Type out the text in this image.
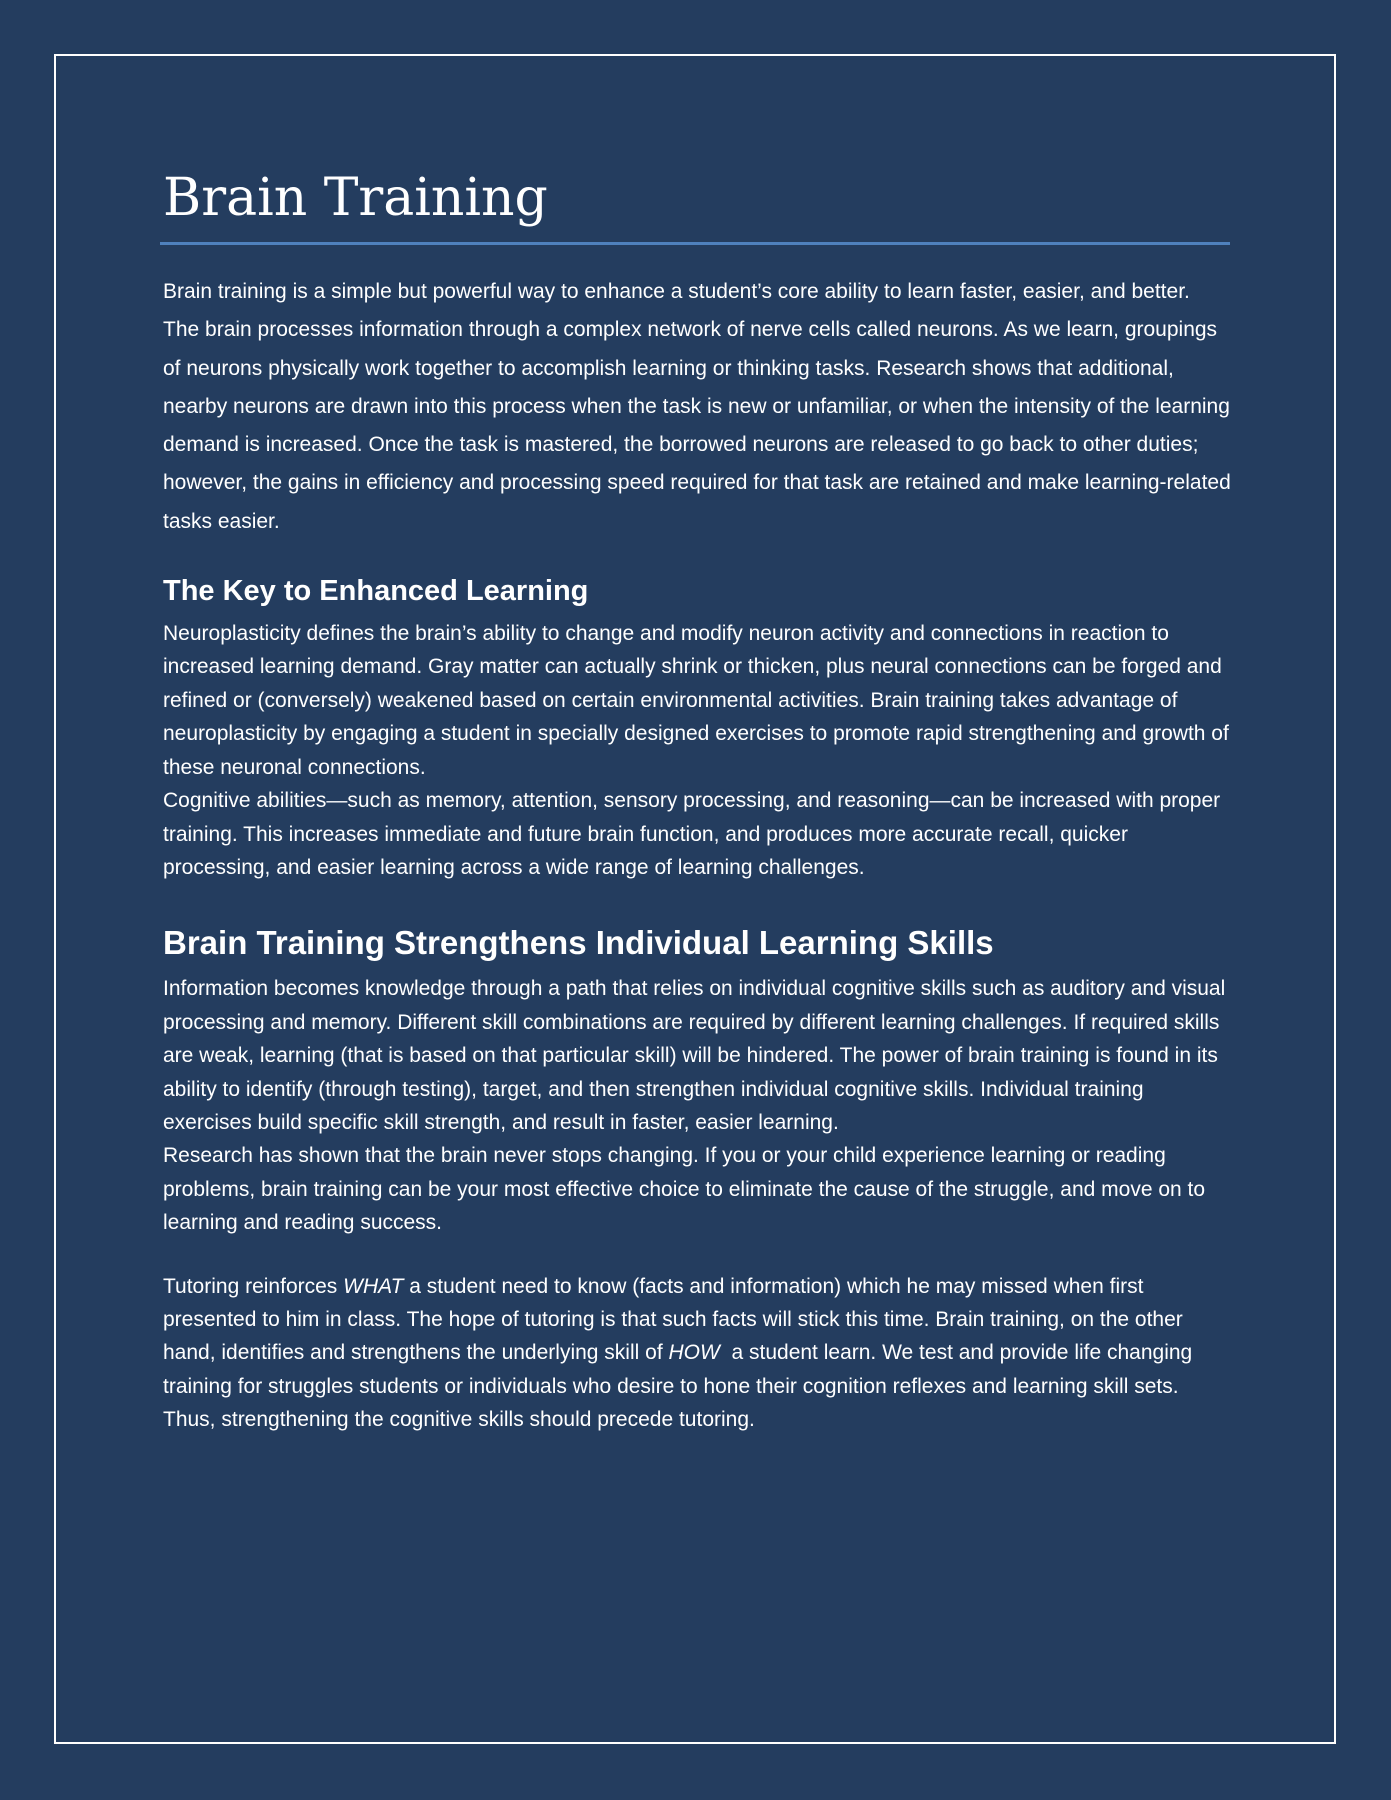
Brain Training

Brain training is a simple but powerful way to enhance a student’s core ability to learn faster, easier, and better. The brain processes information through a complex network of nerve cells called neurons. As we learn, groupings of neurons physically work together to accomplish learning or thinking tasks. Research shows that additional, nearby neurons are drawn into this process when the task is new or unfamiliar, or when the intensity of the learning demand is increased. Once the task is mastered, the borrowed neurons are released to go back to other duties; however, the gains in efficiency and processing speed required for that task are retained and make learning-related tasks easier.

The Key to Enhanced Learning

Neuroplasticity defines the brain’s ability to change and modify neuron activity and connections in reaction to increased learning demand. Gray matter can actually shrink or thicken, plus neural connections can be forged and refined or (conversely) weakened based on certain environmental activities. Brain training takes advantage of neuroplasticity by engaging a student in specially designed exercises to promote rapid strengthening and growth of these neuronal connections.

Cognitive abilities—such as memory, attention, sensory processing, and reasoning—can be increased with proper training. This increases immediate and future brain function, and produces more accurate recall, quicker processing, and easier learning across a wide range of learning challenges.

Brain Training Strengthens Individual Learning Skills

Information becomes knowledge through a path that relies on individual cognitive skills such as auditory and visual processing and memory. Different skill combinations are required by different learning challenges. If required skills are weak, learning (that is based on that particular skill) will be hindered. The power of brain training is found in its ability to identify (through testing), target, and then strengthen individual cognitive skills. Individual training exercises build specific skill strength, and result in faster, easier learning.

Research has shown that the brain never stops changing. If you or your child experience learning or reading problems, brain training can be your most effective choice to eliminate the cause of the struggle, and move on to learning and reading success.

Tutoring reinforces WHAT a student need to know (facts and information) which he may missed when first presented to him in class. The hope of tutoring is that such facts will stick this time. Brain training, on the other hand, identifies and strengthens the underlying skill of HOW  a student learn. We test and provide life changing training for struggles students or individuals who desire to hone their cognition reflexes and learning skill sets. Thus, strengthening the cognitive skills should precede tutoring.
